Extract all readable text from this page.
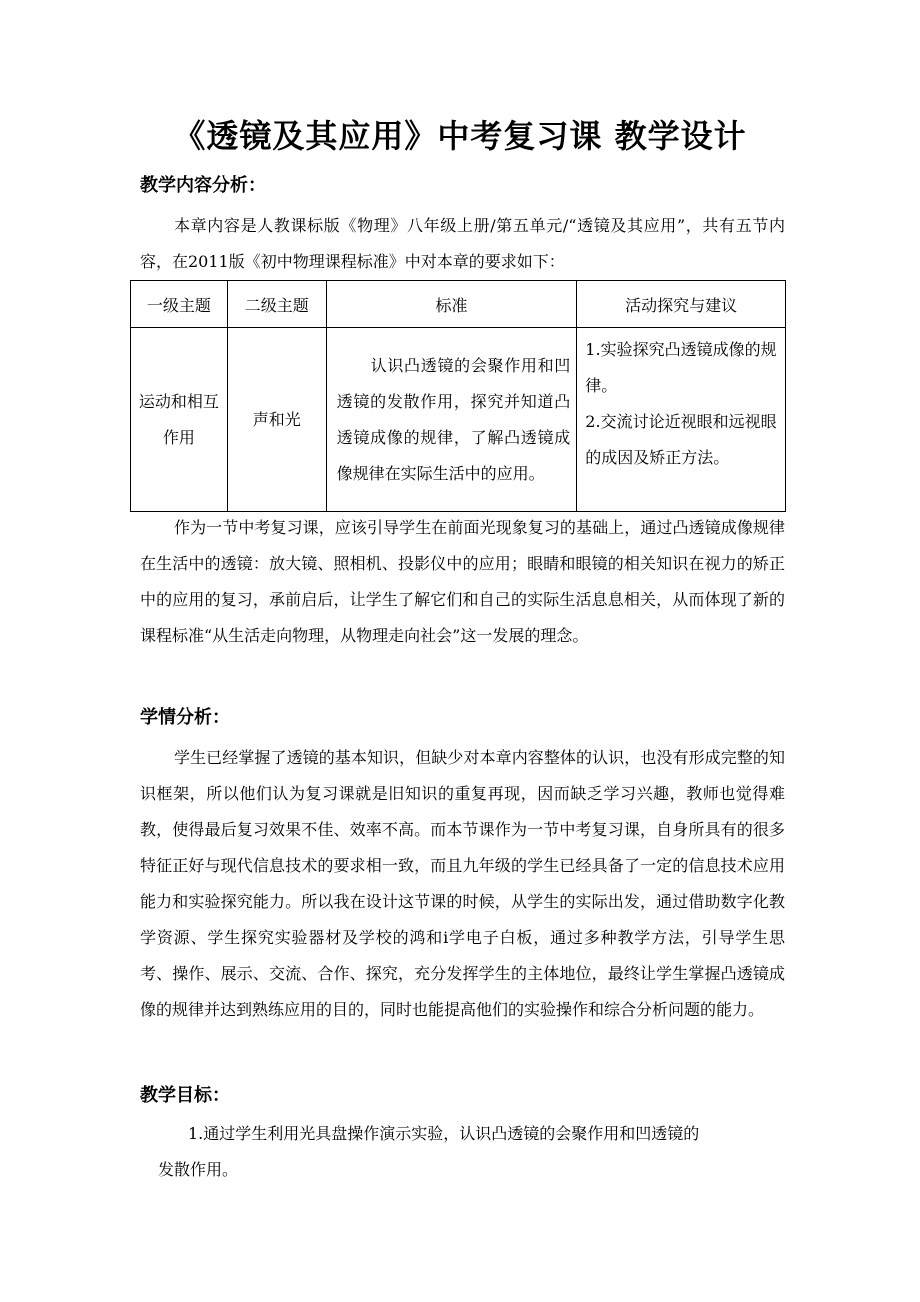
《透镜及其应用》中考复习课 教学设计
教学内容分析：
本章内容是人教课标版《物理》八年级上册/第五单元/“透镜及其应用”，共有五节内容，在2011版《初中物理课程标准》中对本章的要求如下：
一级主题	二级主题	标准	活动探究与建议

运动和相互作用	声和光	认识凸透镜的会聚作用和凹透镜的发散作用，探究并知道凸透镜成像的规律，了解凸透镜成像规律在实际生活中的应用。	1.实验探究凸透镜成像的规律。
2.交流讨论近视眼和远视眼的成因及矫正方法。
作为一节中考复习课，应该引导学生在前面光现象复习的基础上，通过凸透镜成像规律在生活中的透镜：放大镜、照相机、投影仪中的应用；眼睛和眼镜的相关知识在视力的矫正中的应用的复习，承前启后，让学生了解它们和自己的实际生活息息相关，从而体现了新的课程标准“从生活走向物理，从物理走向社会”这一发展的理念。
学情分析：
学生已经掌握了透镜的基本知识，但缺少对本章内容整体的认识，也没有形成完整的知识框架，所以他们认为复习课就是旧知识的重复再现，因而缺乏学习兴趣，教师也觉得难教，使得最后复习效果不佳、效率不高。而本节课作为一节中考复习课，自身所具有的很多特征正好与现代信息技术的要求相一致，而且九年级的学生已经具备了一定的信息技术应用能力和实验探究能力。所以我在设计这节课的时候，从学生的实际出发，通过借助数字化教学资源、学生探究实验器材及学校的鸿和i学电子白板，通过多种教学方法，引导学生思考、操作、展示、交流、合作、探究，充分发挥学生的主体地位，最终让学生掌握凸透镜成像的规律并达到熟练应用的目的，同时也能提高他们的实验操作和综合分析问题的能力。
教学目标：
1.通过学生利用光具盘操作演示实验，认识凸透镜的会聚作用和凹透镜的
发散作用。
